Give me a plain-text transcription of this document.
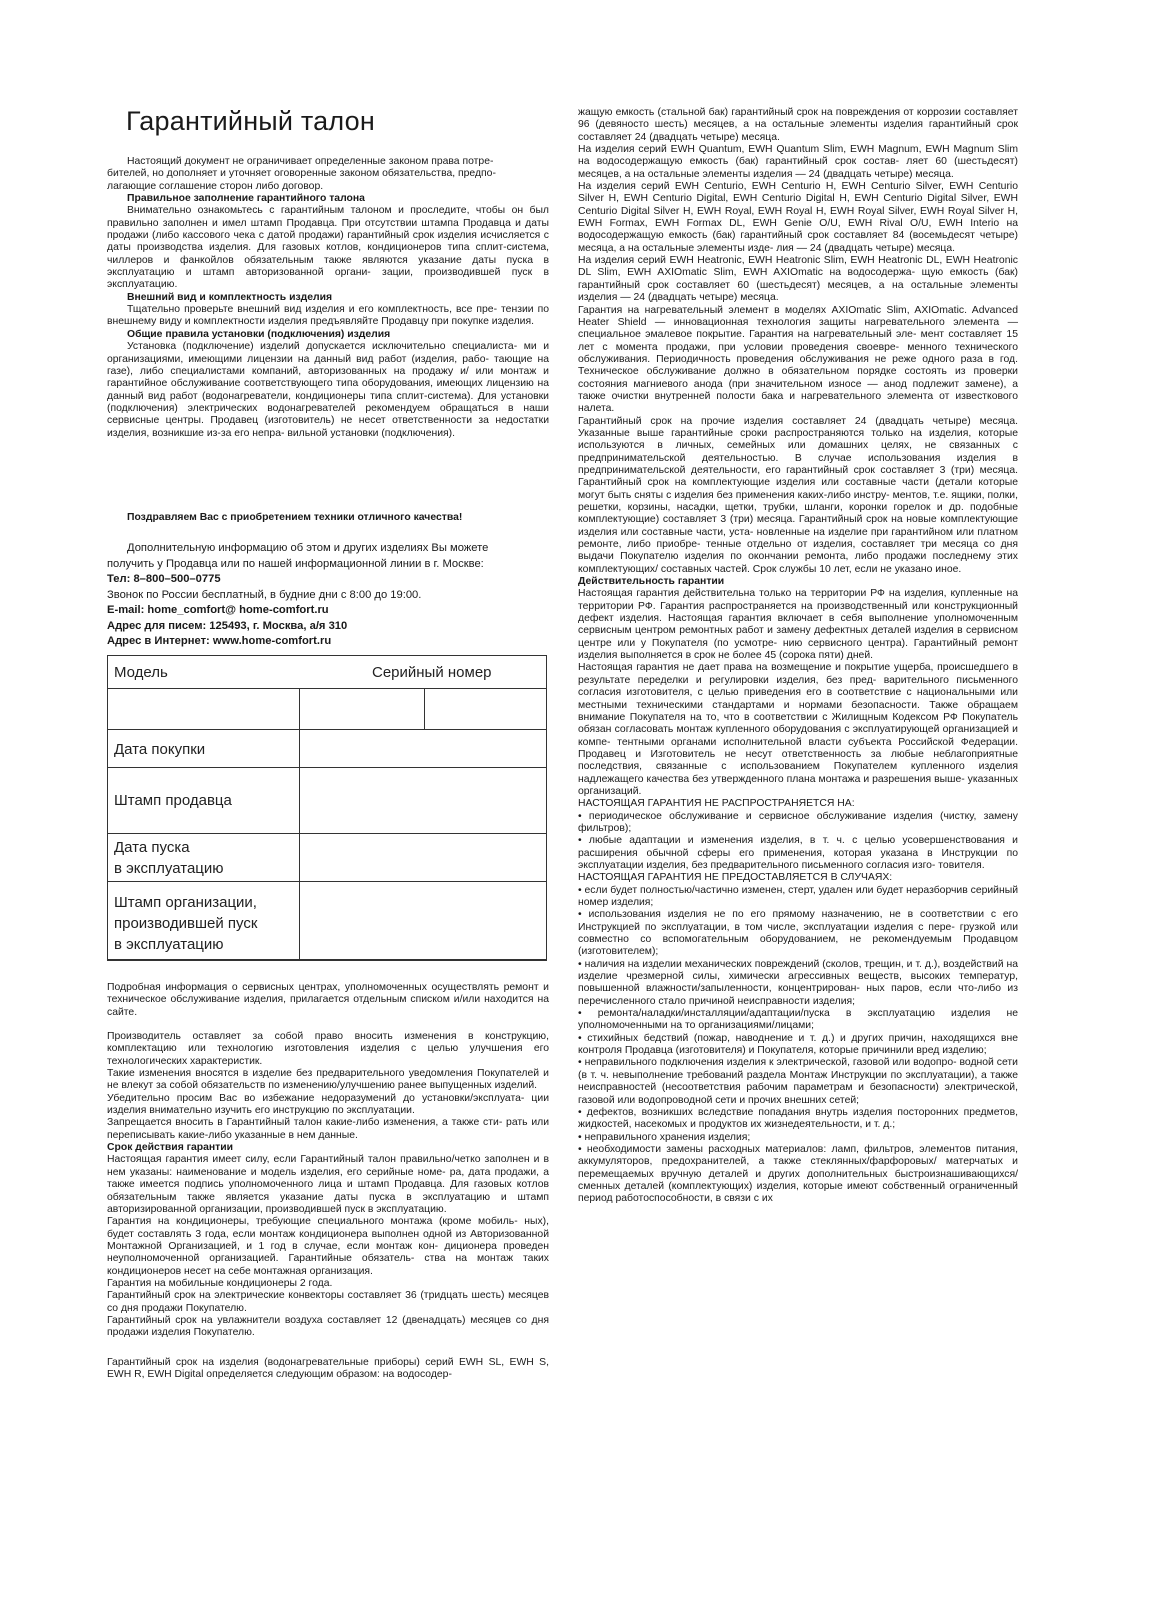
Гарантийный талон

Настоящий документ не ограничивает определенные законом права потре-

бителей, но дополняет и уточняет оговоренные законом обязательства, предпо-

лагающие соглашение сторон либо договор.

Правильное заполнение гарантийного талона

Внимательно ознакомьтесь с гарантийным талоном и проследите, чтобы он был правильно заполнен и имел штамп Продавца. При отсутствии штампа Продавца и даты продажи (либо кассового чека с датой продажи) гарантийный срок изделия исчисляется с даты производства изделия. Для газовых котлов, кондиционеров типа сплит-система, чиллеров и фанкойлов обязательным также являются указание даты пуска в эксплуатацию и штамп авторизованной органи- зации, производившей пуск в эксплуатацию.

Внешний вид и комплектность изделия

Тщательно проверьте внешний вид изделия и его комплектность, все пре- тензии по внешнему виду и комплектности изделия предъявляйте Продавцу при покупке изделия.

Общие правила установки (подключения) изделия

Установка (подключение) изделий допускается исключительно специалиста- ми и организациями, имеющими лицензии на данный вид работ (изделия, рабо- тающие на газе), либо специалистами компаний, авторизованных на продажу и/ или монтаж и гарантийное обслуживание соответствующего типа оборудования, имеющих лицензию на данный вид работ (водонагреватели, кондиционеры типа сплит-система). Для установки (подключения) электрических водонагревателей рекомендуем обращаться в наши сервисные центры. Продавец (изготовитель) не несет ответственности за недостатки изделия, возникшие из-за его непра- вильной установки (подключения).

Поздравляем Вас с приобретением техники отличного качества!

Дополнительную информацию об этом и других изделиях Вы можете

получить у Продавца или по нашей информационной линии в г. Москве:

Тел: 8–800–500–0775

Звонок по России бесплатный, в будние дни с 8:00 до 19:00.

E-mail: home_comfort@ home-comfort.ru

Адрес для писем: 125493, г. Москва, а/я 310

Адрес в Интернет: www.home-comfort.ru

Модель	Серийный номер
Дата покупки
Штамп продавца
Дата пуска
в эксплуатацию
Штамп организации,
производившей пуск
в эксплуатацию

Подробная информация о сервисных центрах, уполномоченных осуществлять ремонт и техническое обслуживание изделия, прилагается отдельным списком и/или находится на сайте.

Производитель оставляет за собой право вносить изменения в конструкцию, комплектацию или технологию изготовления изделия с целью улучшения его технологических характеристик.

Такие изменения вносятся в изделие без предварительного уведомления Покупателей и не влекут за собой обязательств по изменению/улучшению ранее выпущенных изделий.

Убедительно просим Вас во избежание недоразумений до установки/эксплуата- ции изделия внимательно изучить его инструкцию по эксплуатации.

Запрещается вносить в Гарантийный талон какие-либо изменения, а также сти- рать или переписывать какие-либо указанные в нем данные.

Срок действия гарантии

Настоящая гарантия имеет силу, если Гарантийный талон правильно/четко заполнен и в нем указаны: наименование и модель изделия, его серийные номе- ра, дата продажи, а также имеется подпись уполномоченного лица и штамп Продавца. Для газовых котлов обязательным также является указание даты пуска в эксплуатацию и штамп авторизированной организации, производившей пуск в эксплуатацию.

Гарантия на кондиционеры, требующие специального монтажа (кроме мобиль- ных), будет составлять 3 года, если монтаж кондиционера выполнен одной из Авторизованной Монтажной Организацией, и 1 год в случае, если монтаж кон- диционера проведен неуполномоченной организацией. Гарантийные обязатель- ства на монтаж таких кондиционеров несет на себе монтажная организация.

Гарантия на мобильные кондиционеры 2 года.

Гарантийный срок на электрические конвекторы составляет 36 (тридцать шесть) месяцев со дня продажи Покупателю.

Гарантийный срок на увлажнители воздуха составляет 12 (двенадцать) месяцев со дня продажи изделия Покупателю.

Гарантийный срок на изделия (водонагревательные приборы) серий EWH SL, EWH S, EWH R, EWH Digital определяется следующим образом: на водосодер-

жащую емкость (стальной бак) гарантийный срок на повреждения от коррозии составляет 96 (девяносто шесть) месяцев, а на остальные элементы изделия гарантийный срок составляет 24 (двадцать четыре) месяца.

На изделия серий EWH Quantum, EWH Quantum Slim, EWH Magnum, EWH Magnum Slim на водосодержащую емкость (бак) гарантийный срок состав- ляет 60 (шестьдесят) месяцев, а на остальные элементы изделия — 24 (двадцать четыре) месяца.

На изделия серий EWH Centurio, EWH Centurio H, EWH Centurio Silver, EWH Centurio Silver H, EWH Centurio Digital, EWH Centurio Digital H, EWH Centurio Digital Silver, EWH Centurio Digital Silver H, EWH Royal, EWH Royal H, EWH Royal Silver, EWH Royal Silver H, EWH Formax, EWH Formax DL, EWH Genie O/U, EWH Rival O/U, EWH Interio на водосодержащую емкость (бак) гарантийный срок составляет 84 (восемьдесят четыре) месяца, а на остальные элементы изде- лия — 24 (двадцать четыре) месяца.

На изделия серий EWH Heatronic, EWH Heatronic Slim, EWH Heatronic DL, EWH Heatronic DL Slim, EWH AXIOmatic Slim, EWH AXIOmatic на водосодержа- щую емкость (бак) гарантийный срок составляет 60 (шестьдесят) месяцев, а на остальные элементы изделия — 24 (двадцать четыре) месяца.

Гарантия на нагревательный элемент в моделях AXIOmatic Slim, AXIOmatic. Advanced Heater Shield — инновационная технология защиты нагревательного элемента — специальное эмалевое покрытие. Гарантия на нагревательный эле- мент составляет 15 лет с момента продажи, при условии проведения своевре- менного технического обслуживания. Периодичность проведения обслуживания не реже одного раза в год. Техническое обслуживание должно в обязательном порядке состоять из проверки состояния магниевого анода (при значительном износе — анод подлежит замене), а также очистки внутренней полости бака и нагревательного элемента от известкового налета.

Гарантийный срок на прочие изделия составляет 24 (двадцать четыре) месяца. Указанные выше гарантийные сроки распространяются только на изделия, которые используются в личных, семейных или домашних целях, не связанных с предпринимательской деятельностью. В случае использования изделия в предпринимательской деятельности, его гарантийный срок составляет 3 (три) месяца. Гарантийный срок на комплектующие изделия или составные части (детали которые могут быть сняты с изделия без применения каких-либо инстру- ментов, т.е. ящики, полки, решетки, корзины, насадки, щетки, трубки, шланги, коронки горелок и др. подобные комплектующие) составляет 3 (три) месяца. Гарантийный срок на новые комплектующие изделия или составные части, уста- новленные на изделие при гарантийном или платном ремонте, либо приобре- тенные отдельно от изделия, составляет три месяца со дня выдачи Покупателю изделия по окончании ремонта, либо продажи последнему этих комплектующих/ составных частей. Срок службы 10 лет, если не указано иное.

Действительность гарантии

Настоящая гарантия действительна только на территории РФ на изделия, купленные на территории РФ. Гарантия распространяется на производственный или конструкционный дефект изделия. Настоящая гарантия включает в себя выполнение уполномоченным сервисным центром ремонтных работ и замену дефектных деталей изделия в сервисном центре или у Покупателя (по усмотре- нию сервисного центра). Гарантийный ремонт изделия выполняется в срок не более 45 (сорока пяти) дней.

Настоящая гарантия не дает права на возмещение и покрытие ущерба, происшедшего в результате переделки и регулировки изделия, без пред- варительного письменного согласия изготовителя, с целью приведения его в соответствие с национальными или местными техническими стандартами и нормами безопасности. Также обращаем внимание Покупателя на то, что в соответствии с Жилищным Кодексом РФ Покупатель обязан согласовать монтаж купленного оборудования с эксплуатирующей организацией и компе- тентными органами исполнительной власти субъекта Российской Федерации. Продавец и Изготовитель не несут ответственность за любые неблагоприятные последствия, связанные с использованием Покупателем купленного изделия надлежащего качества без утвержденного плана монтажа и разрешения выше- указанных организаций.

НАСТОЯЩАЯ ГАРАНТИЯ НЕ РАСПРОСТРАНЯЕТСЯ НА:

• периодическое обслуживание и сервисное обслуживание изделия (чистку, замену фильтров);

• любые адаптации и изменения изделия, в т. ч. с целью усовершенствования и расширения обычной сферы его применения, которая указана в Инструкции по эксплуатации изделия, без предварительного письменного согласия изго- товителя.

НАСТОЯЩАЯ ГАРАНТИЯ НЕ ПРЕДОСТАВЛЯЕТСЯ В СЛУЧАЯХ:

• если будет полностью/частично изменен, стерт, удален или будет неразборчив серийный номер изделия;

• использования изделия не по его прямому назначению, не в соответствии с его Инструкцией по эксплуатации, в том числе, эксплуатации изделия с пере- грузкой или совместно со вспомогательным оборудованием, не рекомендуемым Продавцом (изготовителем);

• наличия на изделии механических повреждений (сколов, трещин, и т. д.), воздействий на изделие чрезмерной силы, химически агрессивных веществ, высоких температур, повышенной влажности/запыленности, концентрирован- ных паров, если что-либо из перечисленного стало причиной неисправности изделия;

• ремонта/наладки/инсталляции/адаптации/пуска в эксплуатацию изделия не уполномоченными на то организациями/лицами;

• стихийных бедствий (пожар, наводнение и т. д.) и других причин, находящихся вне контроля Продавца (изготовителя) и Покупателя, которые причинили вред изделию;

• неправильного подключения изделия к электрической, газовой или водопро- водной сети (в т. ч. невыполнение требований раздела Монтаж Инструкции по эксплуатации), а также неисправностей (несоответствия рабочим параметрам и безопасности) электрической, газовой или водопроводной сети и прочих внешних сетей;

• дефектов, возникших вследствие попадания внутрь изделия посторонних предметов, жидкостей, насекомых и продуктов их жизнедеятельности, и т. д.;

• неправильного хранения изделия;

• необходимости замены расходных материалов: ламп, фильтров, элементов питания, аккумуляторов, предохранителей, а также стеклянных/фарфоровых/ матерчатых и перемещаемых вручную деталей и других дополнительных быстроизнашивающихся/сменных деталей (комплектующих) изделия, которые имеют собственный ограниченный период работоспособности, в связи с их
